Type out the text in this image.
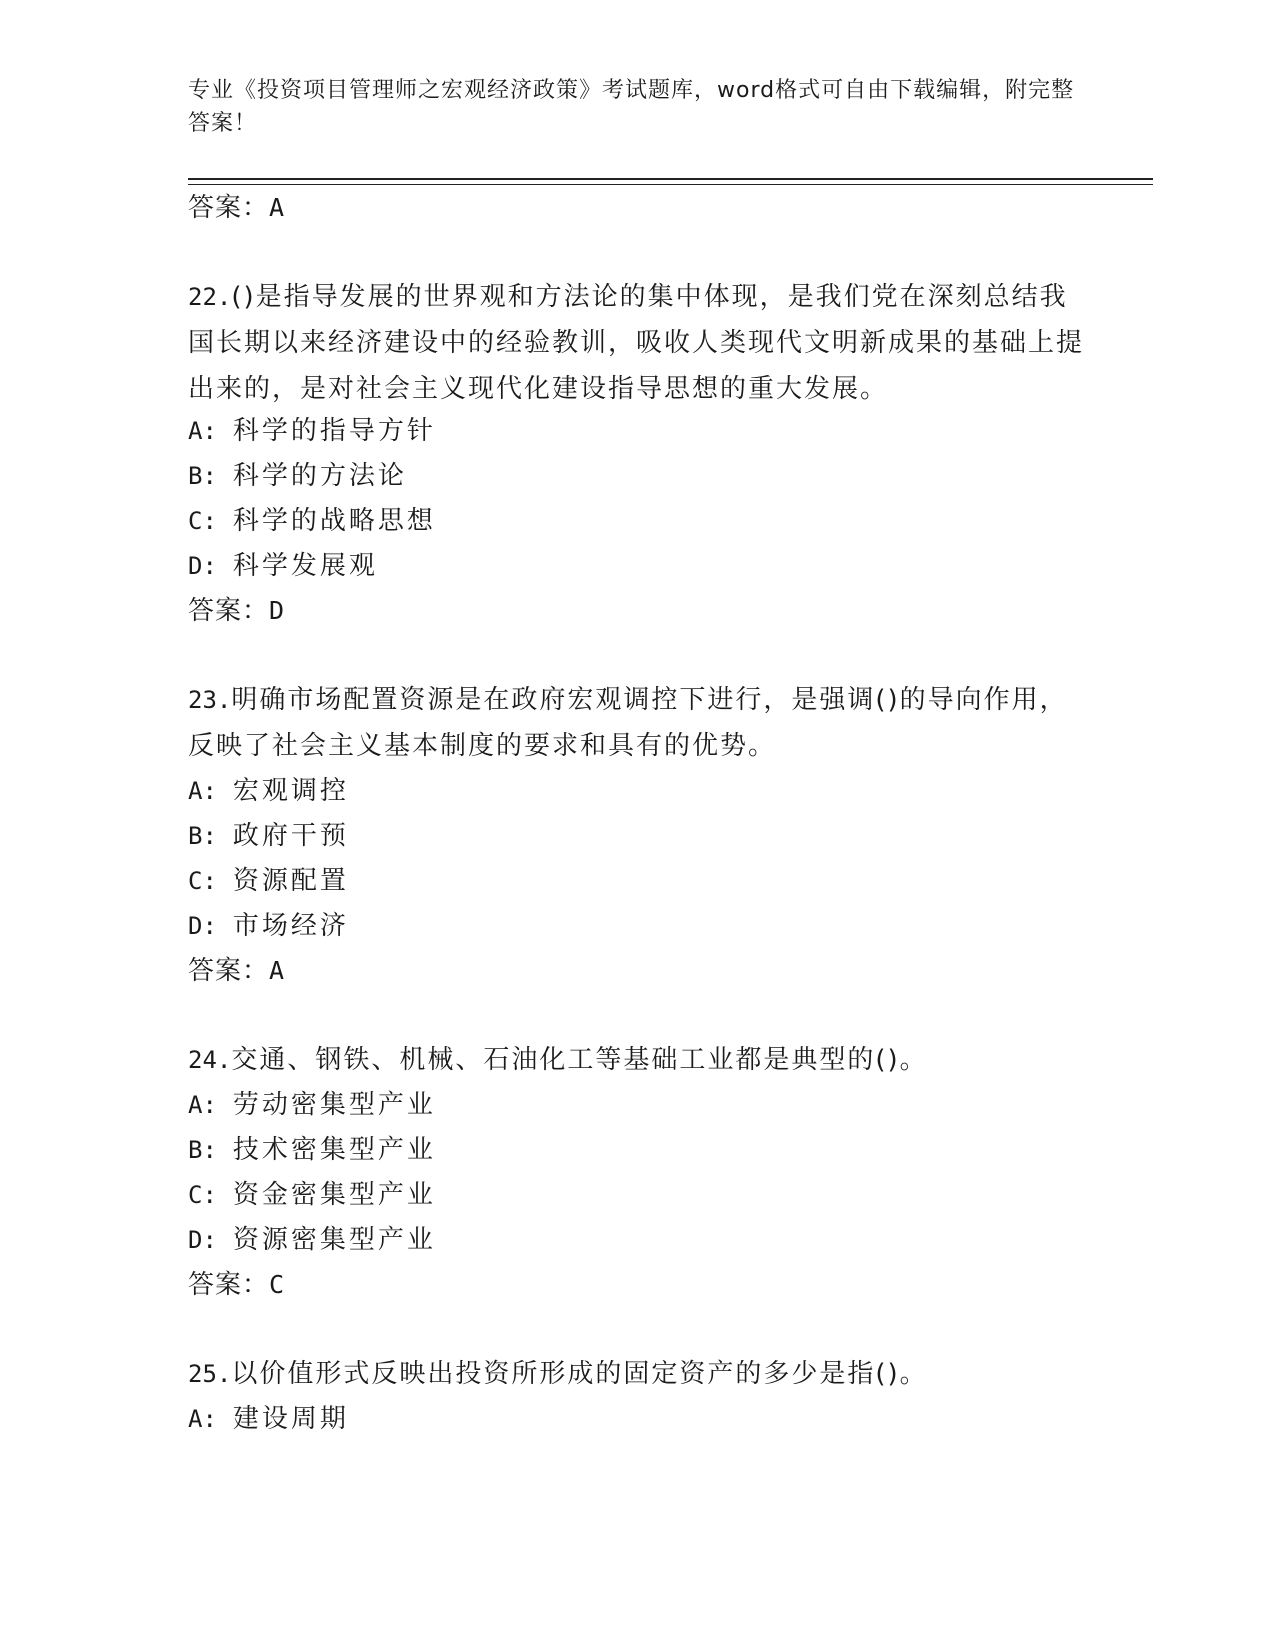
专业《投资项目管理师之宏观经济政策》考试题库，word格式可自由下载编辑，附完整答案！
答案：A
22.()是指导发展的世界观和方法论的集中体现，是我们党在深刻总结我国长期以来经济建设中的经验教训，吸收人类现代文明新成果的基础上提出来的，是对社会主义现代化建设指导思想的重大发展。
A: 科学的指导方针
B: 科学的方法论
C: 科学的战略思想
D: 科学发展观
答案：D
23.明确市场配置资源是在政府宏观调控下进行，是强调()的导向作用，反映了社会主义基本制度的要求和具有的优势。
A: 宏观调控
B: 政府干预
C: 资源配置
D: 市场经济
答案：A
24.交通、钢铁、机械、石油化工等基础工业都是典型的()。
A: 劳动密集型产业
B: 技术密集型产业
C: 资金密集型产业
D: 资源密集型产业
答案：C
25.以价值形式反映出投资所形成的固定资产的多少是指()。
A: 建设周期
